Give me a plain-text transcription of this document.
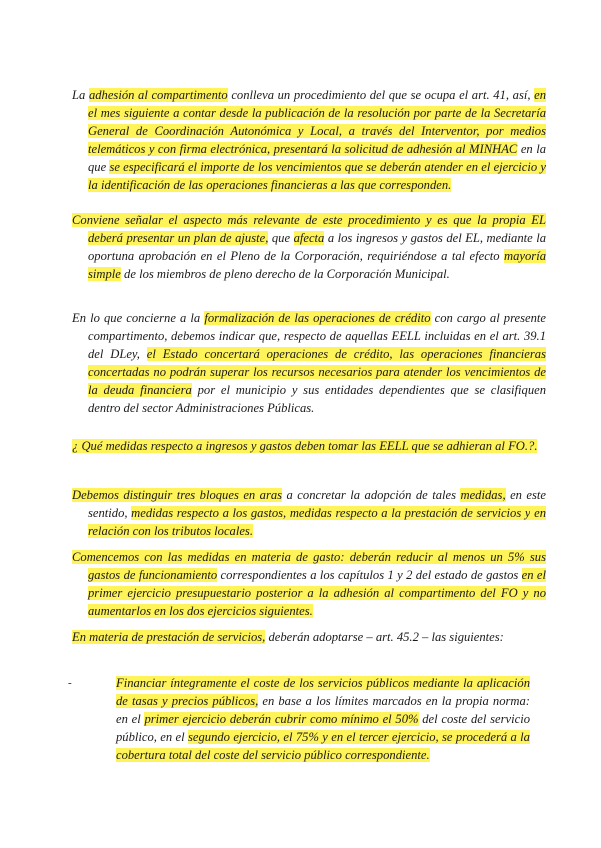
La adhesión al compartimento conlleva un procedimiento del que se ocupa el art. 41, así, en el mes siguiente a contar desde la publicación de la resolución por parte de la Secretaría General de Coordinación Autonómica y Local, a través del Interventor, por medios telemáticos y con firma electrónica, presentará la solicitud de adhesión al MINHAC en la que se especificará el importe de los vencimientos que se deberán atender en el ejercicio y la identificación de las operaciones financieras a las que corresponden.

Conviene señalar el aspecto más relevante de este procedimiento y es que la propia EL deberá presentar un plan de ajuste, que afecta a los ingresos y gastos del EL, mediante la oportuna aprobación en el Pleno de la Corporación, requiriéndose a tal efecto mayoría simple de los miembros de pleno derecho de la Corporación Municipal.

En lo que concierne a la formalización de las operaciones de crédito con cargo al presente compartimento, debemos indicar que, respecto de aquellas EELL incluidas en el art. 39.1 del DLey, el Estado concertará operaciones de crédito, las operaciones financieras concertadas no podrán superar los recursos necesarios para atender los vencimientos de la deuda financiera por el municipio y sus entidades dependientes que se clasifiquen dentro del sector Administraciones Públicas.

¿ Qué medidas respecto a ingresos y gastos deben tomar las EELL que se adhieran al FO.?.

Debemos distinguir tres bloques en aras a concretar la adopción de tales medidas, en este sentido, medidas respecto a los gastos, medidas respecto a la prestación de servicios y en relación con los tributos locales.

Comencemos con las medidas en materia de gasto: deberán reducir al menos un 5% sus gastos de funcionamiento correspondientes a los capítulos 1 y 2 del estado de gastos en el primer ejercicio presupuestario posterior a la adhesión al compartimento del FO y no aumentarlos en los dos ejercicios siguientes.

En materia de prestación de servicios, deberán adoptarse – art. 45.2 – las siguientes:

-	Financiar íntegramente el coste de los servicios públicos mediante la aplicación de tasas y precios públicos, en base a los límites marcados en la propia norma: en el primer ejercicio deberán cubrir como mínimo el 50% del coste del servicio público, en el segundo ejercicio, el 75% y en el tercer ejercicio, se procederá a la cobertura total del coste del servicio público correspondiente.
